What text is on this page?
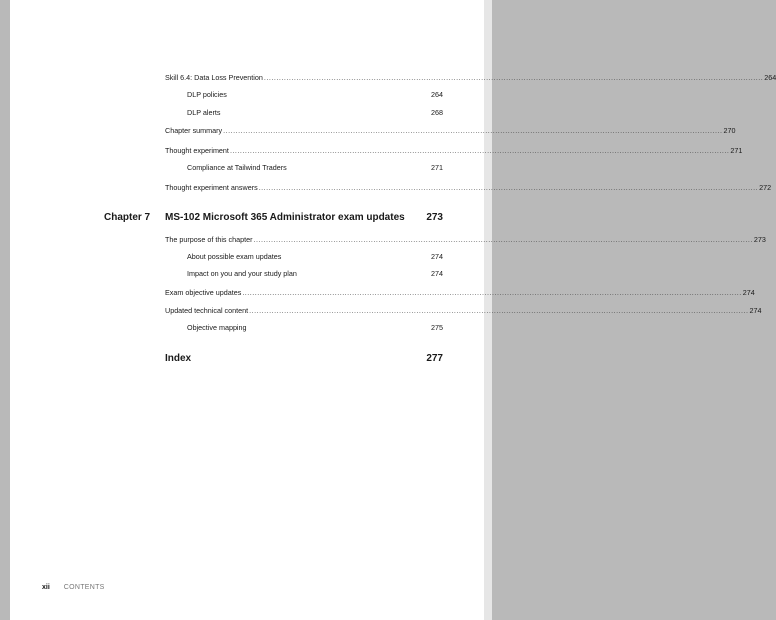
Skill 6.4: Data Loss Prevention ........................................................................................................................................................................................................ 264
DLP policies	264
DLP alerts	268
Chapter summary ........................................................................................................................................................................................................ 270
Thought experiment ........................................................................................................................................................................................................ 271
Compliance at Tailwind Traders	271
Thought experiment answers ........................................................................................................................................................................................................ 272
Chapter 7	MS-102 Microsoft 365 Administrator exam updates	273
The purpose of this chapter ........................................................................................................................................................................................................ 273
About possible exam updates	274
Impact on you and your study plan	274
Exam objective updates ........................................................................................................................................................................................................ 274
Updated technical content ........................................................................................................................................................................................................ 274
Objective mapping	275
Index	277
xii CONTENTS
